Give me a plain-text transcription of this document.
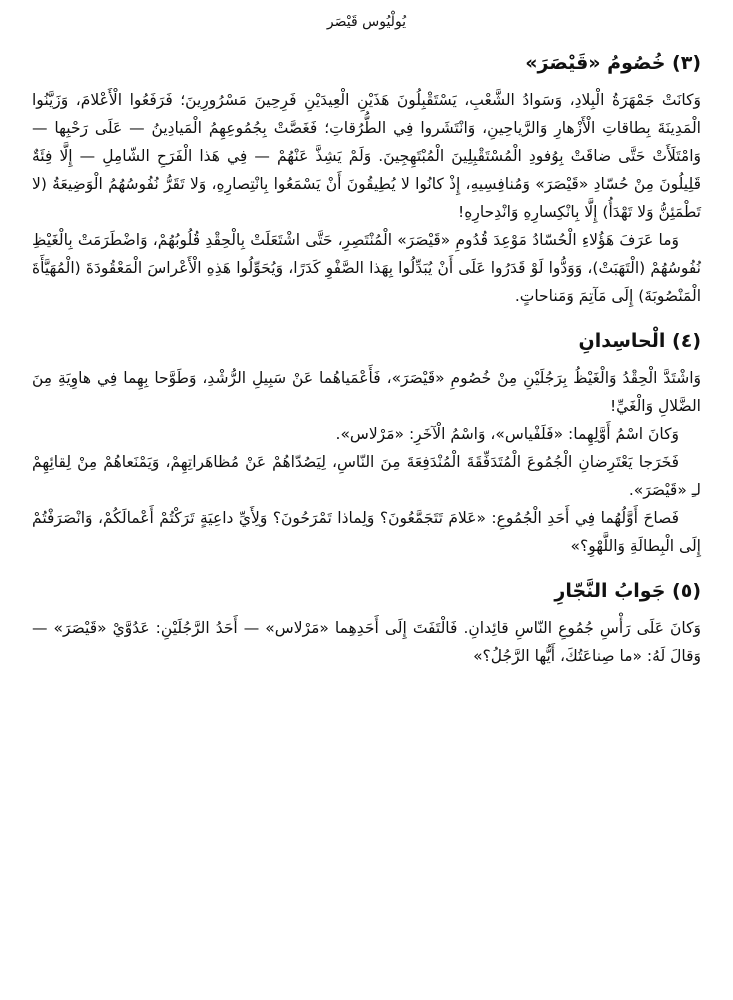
يُولْيُوس قَيْصَر
(٣) خُصُومُ «قَيْصَرَ»

وَكانَتْ جَمْهَرَةُ الْبِلادِ، وَسَوادُ الشَّعْبِ، يَسْتَقْبِلُونَ هَذَيْنِ الْعِيدَيْنِ فَرِحِينَ مَسْرُورِينَ؛ فَرَفَعُوا الْأَعْلامَ، وَزَيَّنُوا الْمَدِينَةَ بِطاقاتِ الْأَزْهارِ وَالرَّياحِينِ، وَانْتَشَروا فِي الطُّرُقاتِ؛ فَغَصَّتْ بِجُمُوعِهِمُ الْمَيادِينُ — عَلَى رَحْبِها — وَامْتَلَأَتْ حَتَّى ضاقَتْ بِوُفودِ الْمُسْتَقْبِلِينَ الْمُبْتَهِجِينَ. وَلَمْ يَشِذَّ عَنْهُمْ — فِي هَذا الْفَرَحِ الشّامِلِ — إِلَّا فِئَةٌ قَلِيلُونَ مِنْ حُسّادِ «قَيْصَرَ» وَمُنافِسِيهِ، إِذْ كانُوا لا يُطِيقُونَ أَنْ يَسْمَعُوا بِانْتِصارِهِ، وَلا تَقَرُّ نُفُوسُهُمُ الْوَضِيعَةُ (لا تَطْمَئِنُّ وَلا تَهْدَأُ) إِلَّا بِانْكِسارِهِ وَانْدِحارِهِ!

وَما عَرَفَ هَؤُلاءِ الْحُسّادُ مَوْعِدَ قُدُومِ «قَيْصَرَ» الْمُنْتَصِرِ، حَتَّى اشْتَعَلَتْ بِالْحِقْدِ قُلُوبُهُمْ، وَاضْطَرَمَتْ بِالْغَيْظِ نُفُوسُهُمْ (الْتَهَبَتْ)، وَوَدُّوا لَوْ قَدَرُوا عَلَى أَنْ يُبَدِّلُوا بِهَذا الصَّفْوِ كَدَرًا، وَيُحَوِّلُوا هَذِهِ الْأَعْراسَ الْمَعْقُودَةَ (الْمُهَيَّأَةَ الْمَنْصُوبَةَ) إِلَى مَآتِمَ وَمَناحاتٍ.

(٤) الْحاسِدانِ

وَاشْتَدَّ الْحِقْدُ وَالْغَيْظُ بِرَجُلَيْنِ مِنْ خُصُومِ «قَيْصَرَ»، فَأَعْمَياهُما عَنْ سَبِيلِ الرُّشْدِ، وَطَوَّحا بِهِما فِي هاوِيَةِ مِنَ الضَّلالِ وَالْغَيِّ!

وَكانَ اسْمُ أَوَّلِهِما: «فَلَفْياس»، وَاسْمُ الْآخَرِ: «مَرْلاس».

فَخَرَجا يَعْتَرِضانِ الْجُمُوعَ الْمُتَدَفِّقَةَ الْمُنْدَفِعَةَ مِنَ النّاسِ، لِيَصُدّاهُمْ عَنْ مُظاهَراتِهِمْ، وَيَمْنَعاهُمْ مِنْ لِقائِهِمْ لـِ «قَيْصَرَ».

فَصاحَ أَوَّلُهُما فِي أَحَدِ الْجُمُوعِ: «عَلامَ تَتَجَمَّعُونَ؟ وَلِماذا تَمْرَحُونَ؟ وَلِأَيِّ داعِيَةٍ تَرَكْتُمْ أَعْمالَكُمْ، وَانْصَرَفْتُمْ إِلَى الْبِطالَةِ وَاللَّهْوِ؟»

(٥) جَوابُ النَّجّارِ

وَكانَ عَلَى رَأْسِ جُمُوعِ النّاسِ قائِدانِ. فَالْتَفَتَ إِلَى أَحَدِهِما «مَرْلاس» — أَحَدُ الرَّجُلَيْنِ: عَدُوَّيْ «قَيْصَرَ» — وَقالَ لَهُ: «ما صِناعَتُكَ، أَيُّها الرَّجُلُ؟»
